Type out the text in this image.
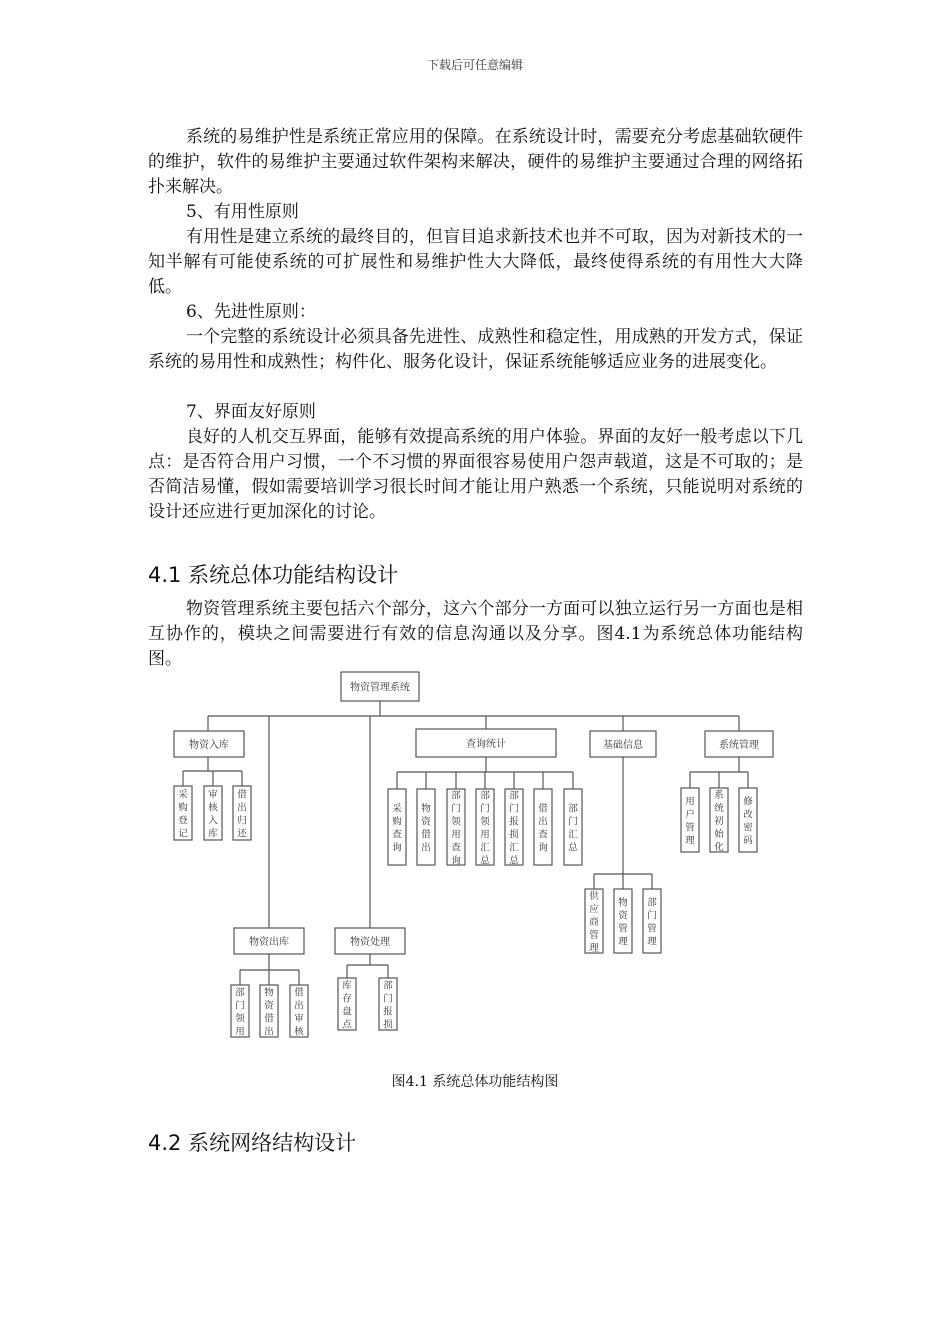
下载后可任意编辑

系统的易维护性是系统正常应用的保障。在系统设计时，需要充分考虑基础软硬件的维护，软件的易维护主要通过软件架构来解决，硬件的易维护主要通过合理的网络拓扑来解决。

5、有用性原则

有用性是建立系统的最终目的，但盲目追求新技术也并不可取，因为对新技术的一知半解有可能使系统的可扩展性和易维护性大大降低，最终使得系统的有用性大大降低。

6、先进性原则：

一个完整的系统设计必须具备先进性、成熟性和稳定性，用成熟的开发方式，保证系统的易用性和成熟性；构件化、服务化设计，保证系统能够适应业务的进展变化。

7、界面友好原则

良好的人机交互界面，能够有效提高系统的用户体验。界面的友好一般考虑以下几点：是否符合用户习惯，一个不习惯的界面很容易使用户怨声载道，这是不可取的；是否简洁易懂，假如需要培训学习很长时间才能让用户熟悉一个系统，只能说明对系统的设计还应进行更加深化的讨论。

4.1 系统总体功能结构设计

物资管理系统主要包括六个部分，这六个部分一方面可以独立运行另一方面也是相互协作的，模块之间需要进行有效的信息沟通以及分享。图4.1为系统总体功能结构图。

物资管理系统
物资入库	查询统计	基础信息	系统管理
物资出库	物资处理
采
购
登
记
审
核
入
库
借
出
归
还
采
购
查
询
物
资
借
出
部
门
领
用
查
询
部
门
领
用
汇
总
部
门
报
损
汇
总
借
出
查
询
部
门
汇
总
供
应
商
管
理
物
资
管
理
部
门
管
理
用
户
管
理
系
统
初
始
化
修
改
密
码
部
门
领
用
物
资
借
出
借
出
审
核
库
存
盘
点
部
门
报
损
图4.1 系统总体功能结构图
4.2 系统网络结构设计
